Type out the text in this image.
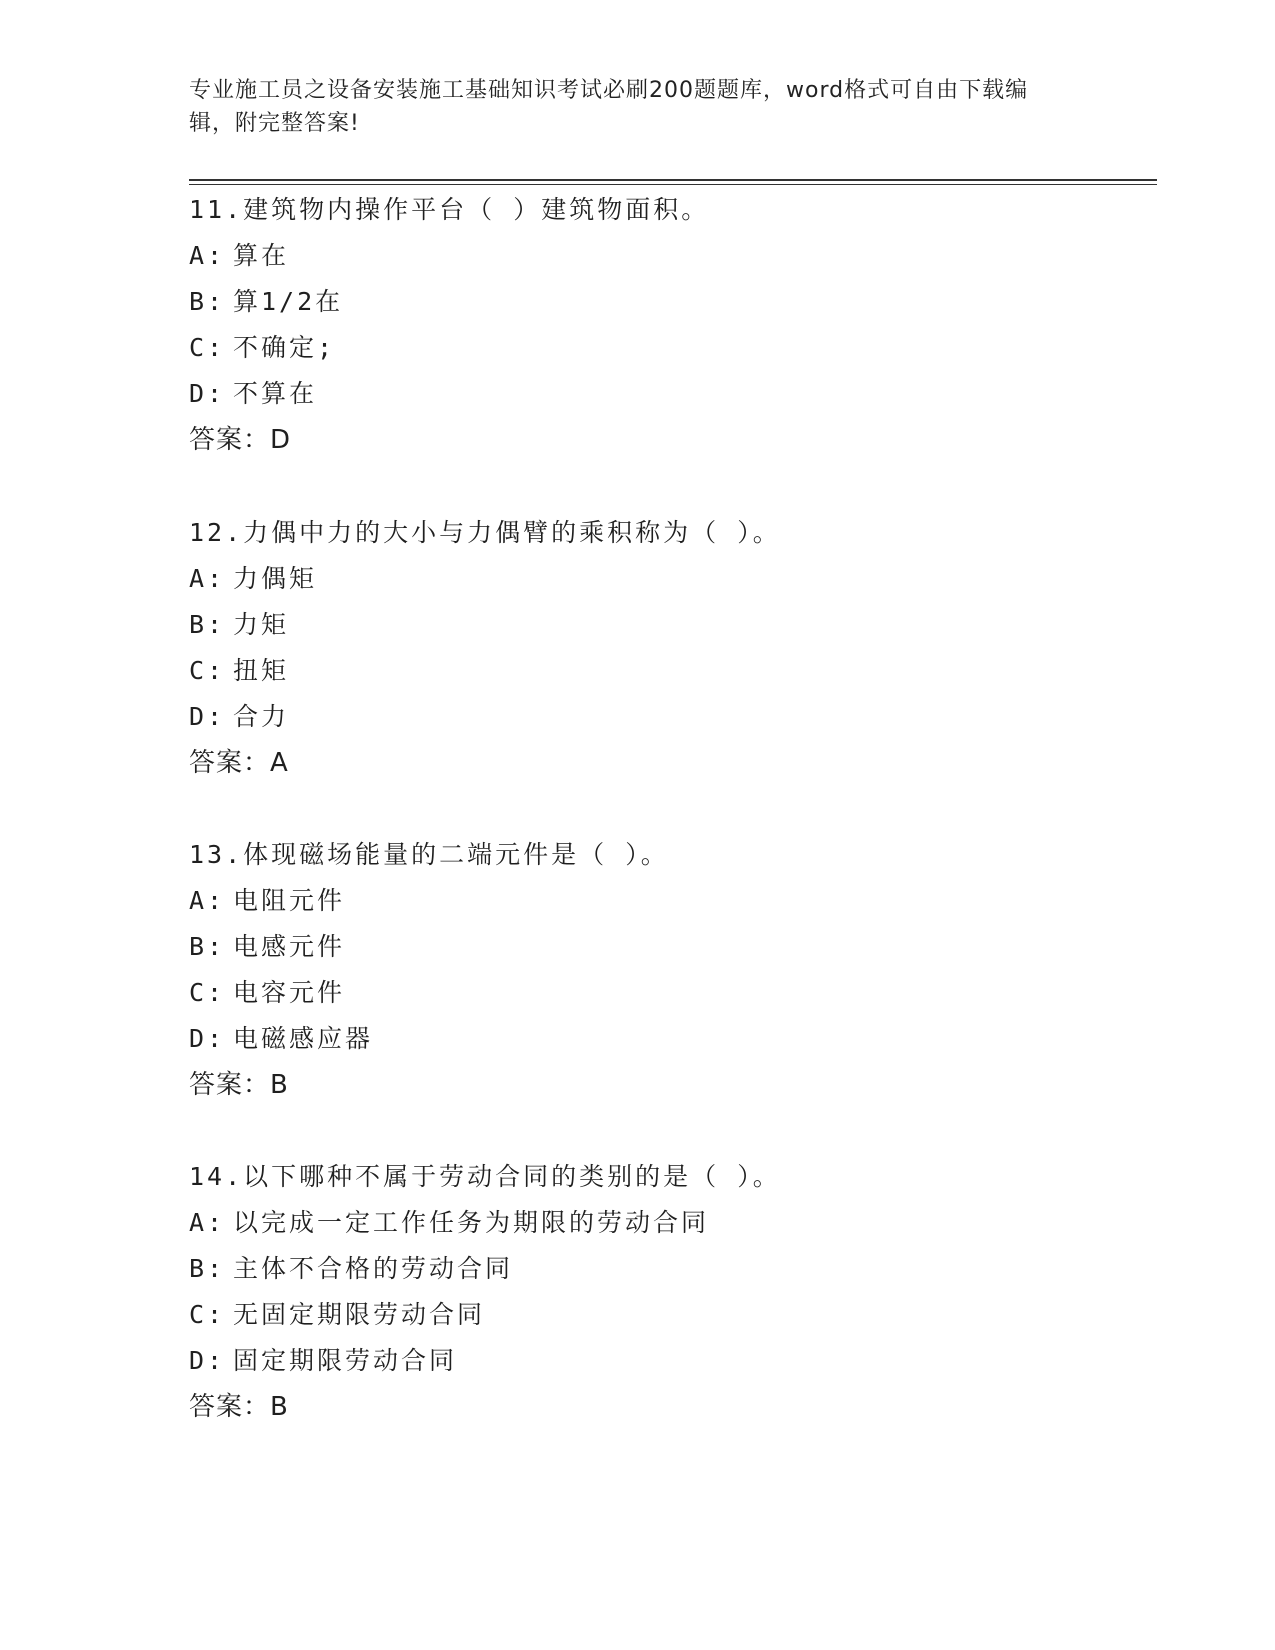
专业施工员之设备安装施工基础知识考试必刷200题题库，word格式可自由下载编辑，附完整答案!
11.建筑物内操作平台（ ）建筑物面积。
A: 算在
B: 算1/2在
C: 不确定;
D: 不算在
答案：D
12.力偶中力的大小与力偶臂的乘积称为（ ）。
A: 力偶矩
B: 力矩
C: 扭矩
D: 合力
答案：A
13.体现磁场能量的二端元件是（ ）。
A: 电阻元件
B: 电感元件
C: 电容元件
D: 电磁感应器
答案：B
14.以下哪种不属于劳动合同的类别的是（ ）。
A: 以完成一定工作任务为期限的劳动合同
B: 主体不合格的劳动合同
C: 无固定期限劳动合同
D: 固定期限劳动合同
答案：B
